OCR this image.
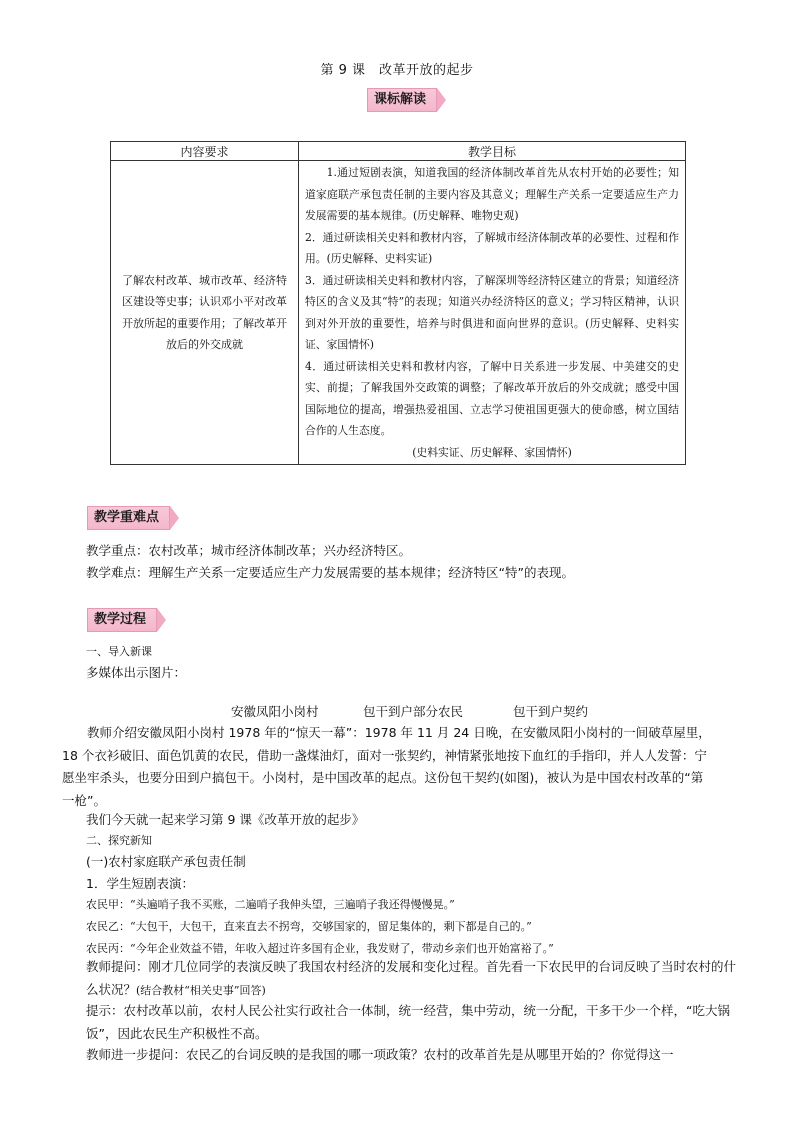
第 9 课　改革开放的起步
课标解读
内容要求	教学目标

了解农村改革、城市改革、经济特区建设等史事；认识邓小平对改革开放所起的重要作用；了解改革开放后的外交成就	1.通过短剧表演，知道我国的经济体制改革首先从农村开始的必要性；知道家庭联产承包责任制的主要内容及其意义；理解生产关系一定要适应生产力发展需要的基本规律。(历史解释、唯物史观)
2．通过研读相关史料和教材内容，了解城市经济体制改革的必要性、过程和作用。(历史解释、史料实证)
3．通过研读相关史料和教材内容，了解深圳等经济特区建立的背景；知道经济特区的含义及其“特”的表现；知道兴办经济特区的意义；学习特区精神，认识到对外开放的重要性，培养与时俱进和面向世界的意识。(历史解释、史料实证、家国情怀)
4．通过研读相关史料和教材内容，了解中日关系进一步发展、中美建交的史实、前提；了解我国外交政策的调整；了解改革开放后的外交成就；感受中国国际地位的提高，增强热爱祖国、立志学习使祖国更强大的使命感，树立国结合作的人生态度。
(史料实证、历史解释、家国情怀)
教学重难点
教学重点：农村改革；城市经济体制改革；兴办经济特区。
教学难点：理解生产关系一定要适应生产力发展需要的基本规律；经济特区“特”的表现。
教学过程
一、导入新课
多媒体出示图片：
安徽凤阳小岗村	包干到户部分农民	包干到户契约
教师介绍安徽凤阳小岗村 1978 年的“惊天一幕”：1978 年 11 月 24 日晚，在安徽凤阳小岗村的一间破草屋里，18 个衣衫破旧、面色饥黄的农民，借助一盏煤油灯，面对一张契约，神情紧张地按下血红的手指印，并人人发誓：宁愿坐牢杀头，也要分田到户搞包干。小岗村，是中国改革的起点。这份包干契约(如图)，被认为是中国农村改革的“第一枪”。
我们今天就一起来学习第 9 课《改革开放的起步》
二、探究新知
(一)农村家庭联产承包责任制
1．学生短剧表演：
农民甲：“头遍哨子我不买账，二遍哨子我伸头望，三遍哨子我还得慢慢晃。”
农民乙：“大包干，大包干，直来直去不拐弯，交够国家的，留足集体的，剩下都是自己的。”
农民丙：“今年企业效益不错，年收入超过许多国有企业，我发财了，带动乡亲们也开始富裕了。”
教师提问：刚才几位同学的表演反映了我国农村经济的发展和变化过程。首先看一下农民甲的台词反映了当时农村的什么状况？(结合教材“相关史事”回答)
提示：农村改革以前，农村人民公社实行政社合一体制，统一经营，集中劳动，统一分配，干多干少一个样，“吃大锅饭”，因此农民生产积极性不高。
教师进一步提问：农民乙的台词反映的是我国的哪一项政策？农村的改革首先是从哪里开始的？你觉得这一
